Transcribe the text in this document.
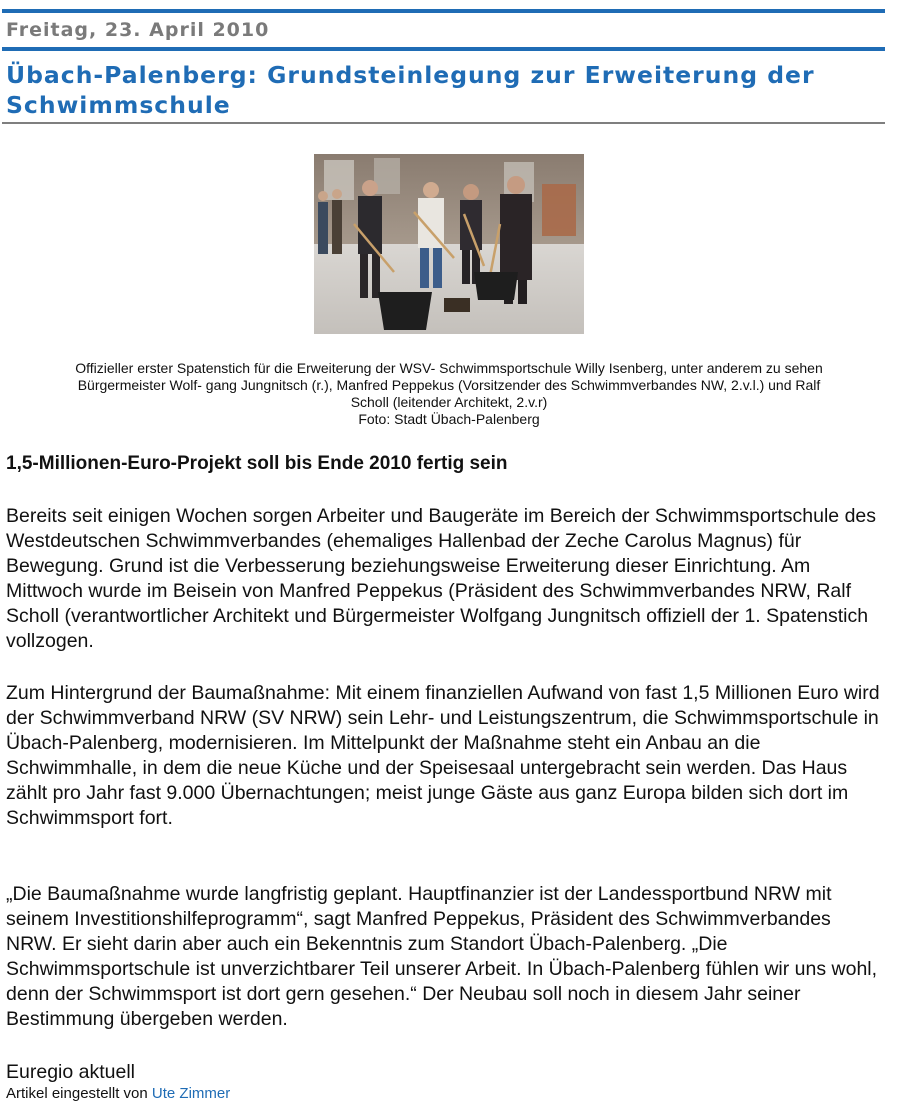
Freitag, 23. April 2010
Übach-Palenberg: Grundsteinlegung zur Erweiterung der Schwimmschule
Offizieller erster Spatenstich für die Erweiterung der WSV- Schwimmsportschule Willy Isenberg, unter anderem zu sehen
Bürgermeister Wolf- gang Jungnitsch (r.), Manfred Peppekus (Vorsitzender des Schwimmverbandes NW, 2.v.l.) und Ralf
Scholl (leitender Architekt, 2.v.r)
Foto: Stadt Übach-Palenberg
1,5-Millionen-Euro-Projekt soll bis Ende 2010 fertig sein

Bereits seit einigen Wochen sorgen Arbeiter und Baugeräte im Bereich der Schwimmsportschule des Westdeutschen Schwimmverbandes (ehemaliges Hallenbad der Zeche Carolus Magnus) für Bewegung. Grund ist die Verbesserung beziehungsweise Erweiterung dieser Einrichtung. Am Mittwoch wurde im Beisein von Manfred Peppekus (Präsident des Schwimmverbandes NRW, Ralf Scholl (verantwortlicher Architekt und Bürgermeister Wolfgang Jungnitsch offiziell der 1. Spatenstich vollzogen.

Zum Hintergrund der Baumaßnahme: Mit einem finanziellen Aufwand von fast 1,5 Millionen Euro wird der Schwimmverband NRW (SV NRW) sein Lehr- und Leistungszentrum, die Schwimmsportschule in Übach-Palenberg, modernisieren. Im Mittelpunkt der Maßnahme steht ein Anbau an die Schwimmhalle, in dem die neue Küche und der Speisesaal untergebracht sein werden. Das Haus zählt pro Jahr fast 9.000 Übernachtungen; meist junge Gäste aus ganz Europa bilden sich dort im Schwimmsport fort.

„Die Baumaßnahme wurde langfristig geplant. Hauptfinanzier ist der Landessportbund NRW mit seinem Investitionshilfeprogramm“, sagt Manfred Peppekus, Präsident des Schwimmverbandes NRW. Er sieht darin aber auch ein Bekenntnis zum Standort Übach-Palenberg. „Die Schwimmsportschule ist unverzichtbarer Teil unserer Arbeit. In Übach-Palenberg fühlen wir uns wohl, denn der Schwimmsport ist dort gern gesehen.“ Der Neubau soll noch in diesem Jahr seiner Bestimmung übergeben werden.

Euregio aktuell
Artikel eingestellt von Ute Zimmer
